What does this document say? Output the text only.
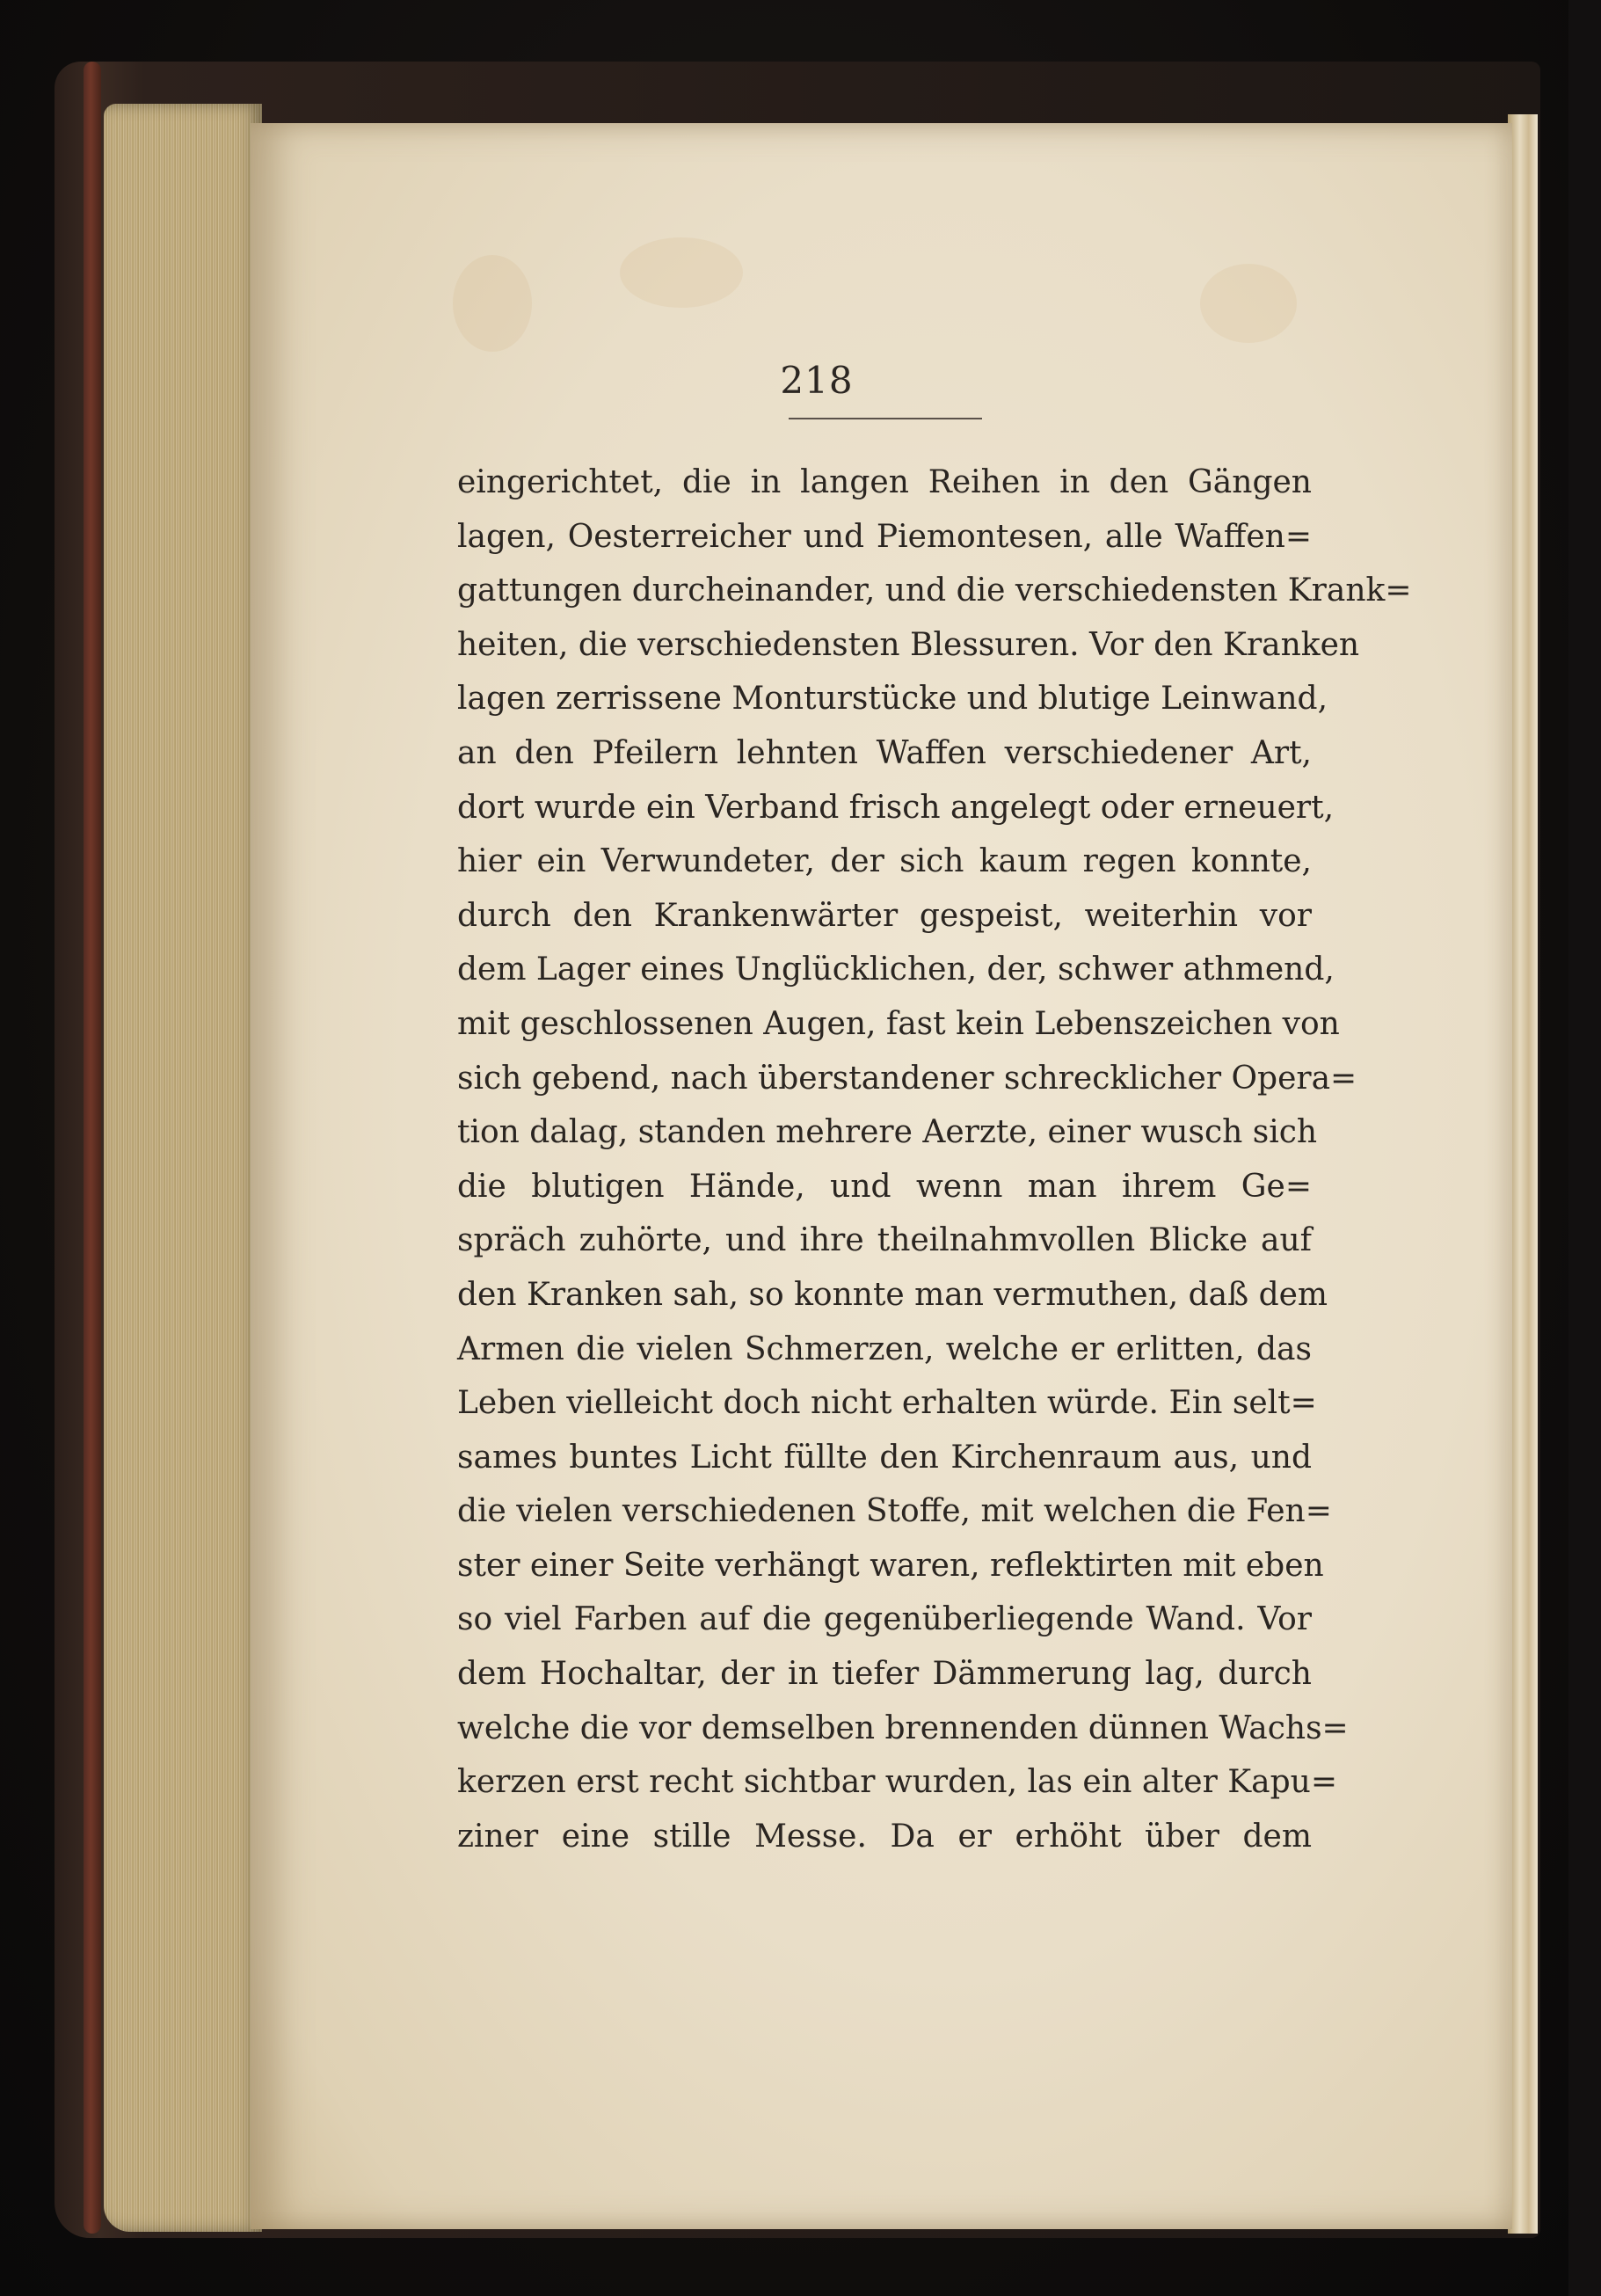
218
eingerichtet, die in langen Reihen in den Gängen
lagen, Oesterreicher und Piemontesen, alle Waffen=
gattungen durcheinander, und die verschiedensten Krank=
heiten, die verschiedensten Blessuren. Vor den Kranken
lagen zerrissene Monturstücke und blutige Leinwand,
an den Pfeilern lehnten Waffen verschiedener Art,
dort wurde ein Verband frisch angelegt oder erneuert,
hier ein Verwundeter, der sich kaum regen konnte,
durch den Krankenwärter gespeist, weiterhin vor
dem Lager eines Unglücklichen, der, schwer athmend,
mit geschlossenen Augen, fast kein Lebenszeichen von
sich gebend, nach überstandener schrecklicher Opera=
tion dalag, standen mehrere Aerzte, einer wusch sich
die blutigen Hände, und wenn man ihrem Ge=
spräch zuhörte, und ihre theilnahmvollen Blicke auf
den Kranken sah, so konnte man vermuthen, daß dem
Armen die vielen Schmerzen, welche er erlitten, das
Leben vielleicht doch nicht erhalten würde. Ein selt=
sames buntes Licht füllte den Kirchenraum aus, und
die vielen verschiedenen Stoffe, mit welchen die Fen=
ster einer Seite verhängt waren, reflektirten mit eben
so viel Farben auf die gegenüberliegende Wand. Vor
dem Hochaltar, der in tiefer Dämmerung lag, durch
welche die vor demselben brennenden dünnen Wachs=
kerzen erst recht sichtbar wurden, las ein alter Kapu=
ziner eine stille Messe. Da er erhöht über dem
